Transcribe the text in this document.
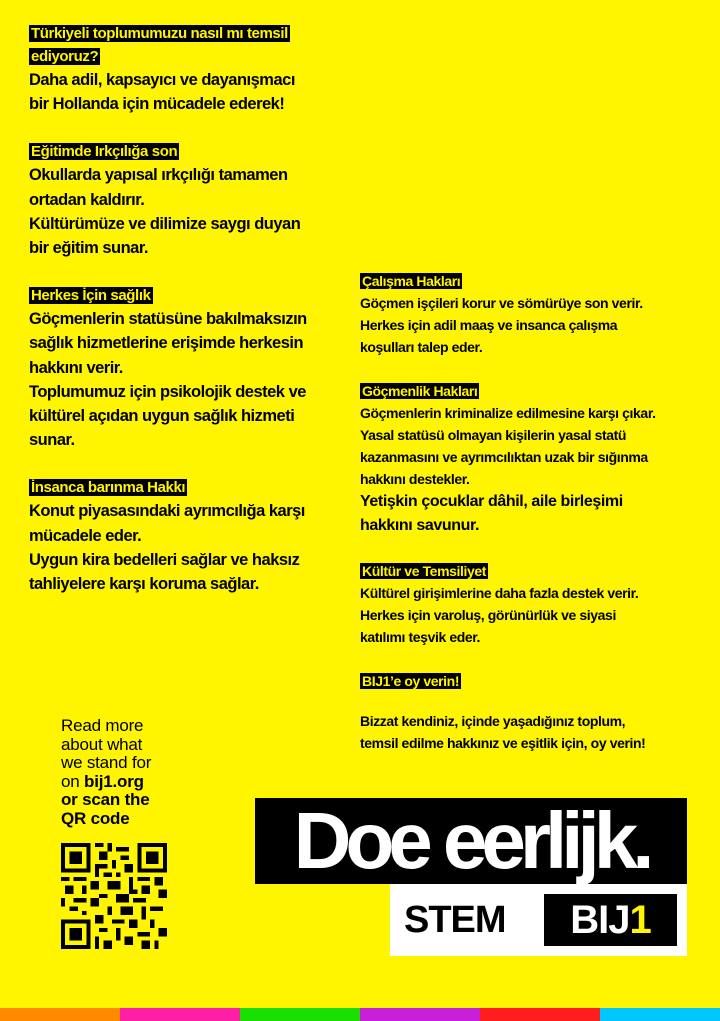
Türkiyeli toplumumuzu nasıl mı temsil ediyoruz?

Daha adil, kapsayıcı ve dayanışmacı

bir Hollanda için mücadele ederek!

Eğitimde Irkçılığa son

Okullarda yapısal ırkçılığı tamamen

ortadan kaldırır.

Kültürümüze ve dilimize saygı duyan

bir eğitim sunar.

Herkes İçin sağlık

Göçmenlerin statüsüne bakılmaksızın

sağlık hizmetlerine erişimde herkesin

hakkını verir.

Toplumumuz için psikolojik destek ve

kültürel açıdan uygun sağlık hizmeti

sunar.

İnsanca barınma Hakkı

Konut piyasasındaki ayrımcılığa karşı

mücadele eder.

Uygun kira bedelleri sağlar ve haksız

tahliyelere karşı koruma sağlar.

Çalışma Hakları

Göçmen işçileri korur ve sömürüye son verir.

Herkes için adil maaş ve insanca çalışma

koşulları talep eder.

Göçmenlik Hakları

Göçmenlerin kriminalize edilmesine karşı çıkar.

Yasal statüsü olmayan kişilerin yasal statü

kazanmasını ve ayrımcılıktan uzak bir sığınma

hakkını destekler.

Yetişkin çocuklar dâhil, aile birleşimi

hakkını savunur.

Kültür ve Temsiliyet

Kültürel girişimlerine daha fazla destek verir.

Herkes için varoluş, görünürlük ve siyasi

katılımı teşvik eder.

BIJ1’e oy verin!

Bizzat kendiniz, içinde yaşadığınız toplum,

temsil edilme hakkınız ve eşitlik için, oy verin!

Read more
about what
we stand for
on bij1.org
or scan the
QR code	Doe eerlijk.
STEM	BIJ1
